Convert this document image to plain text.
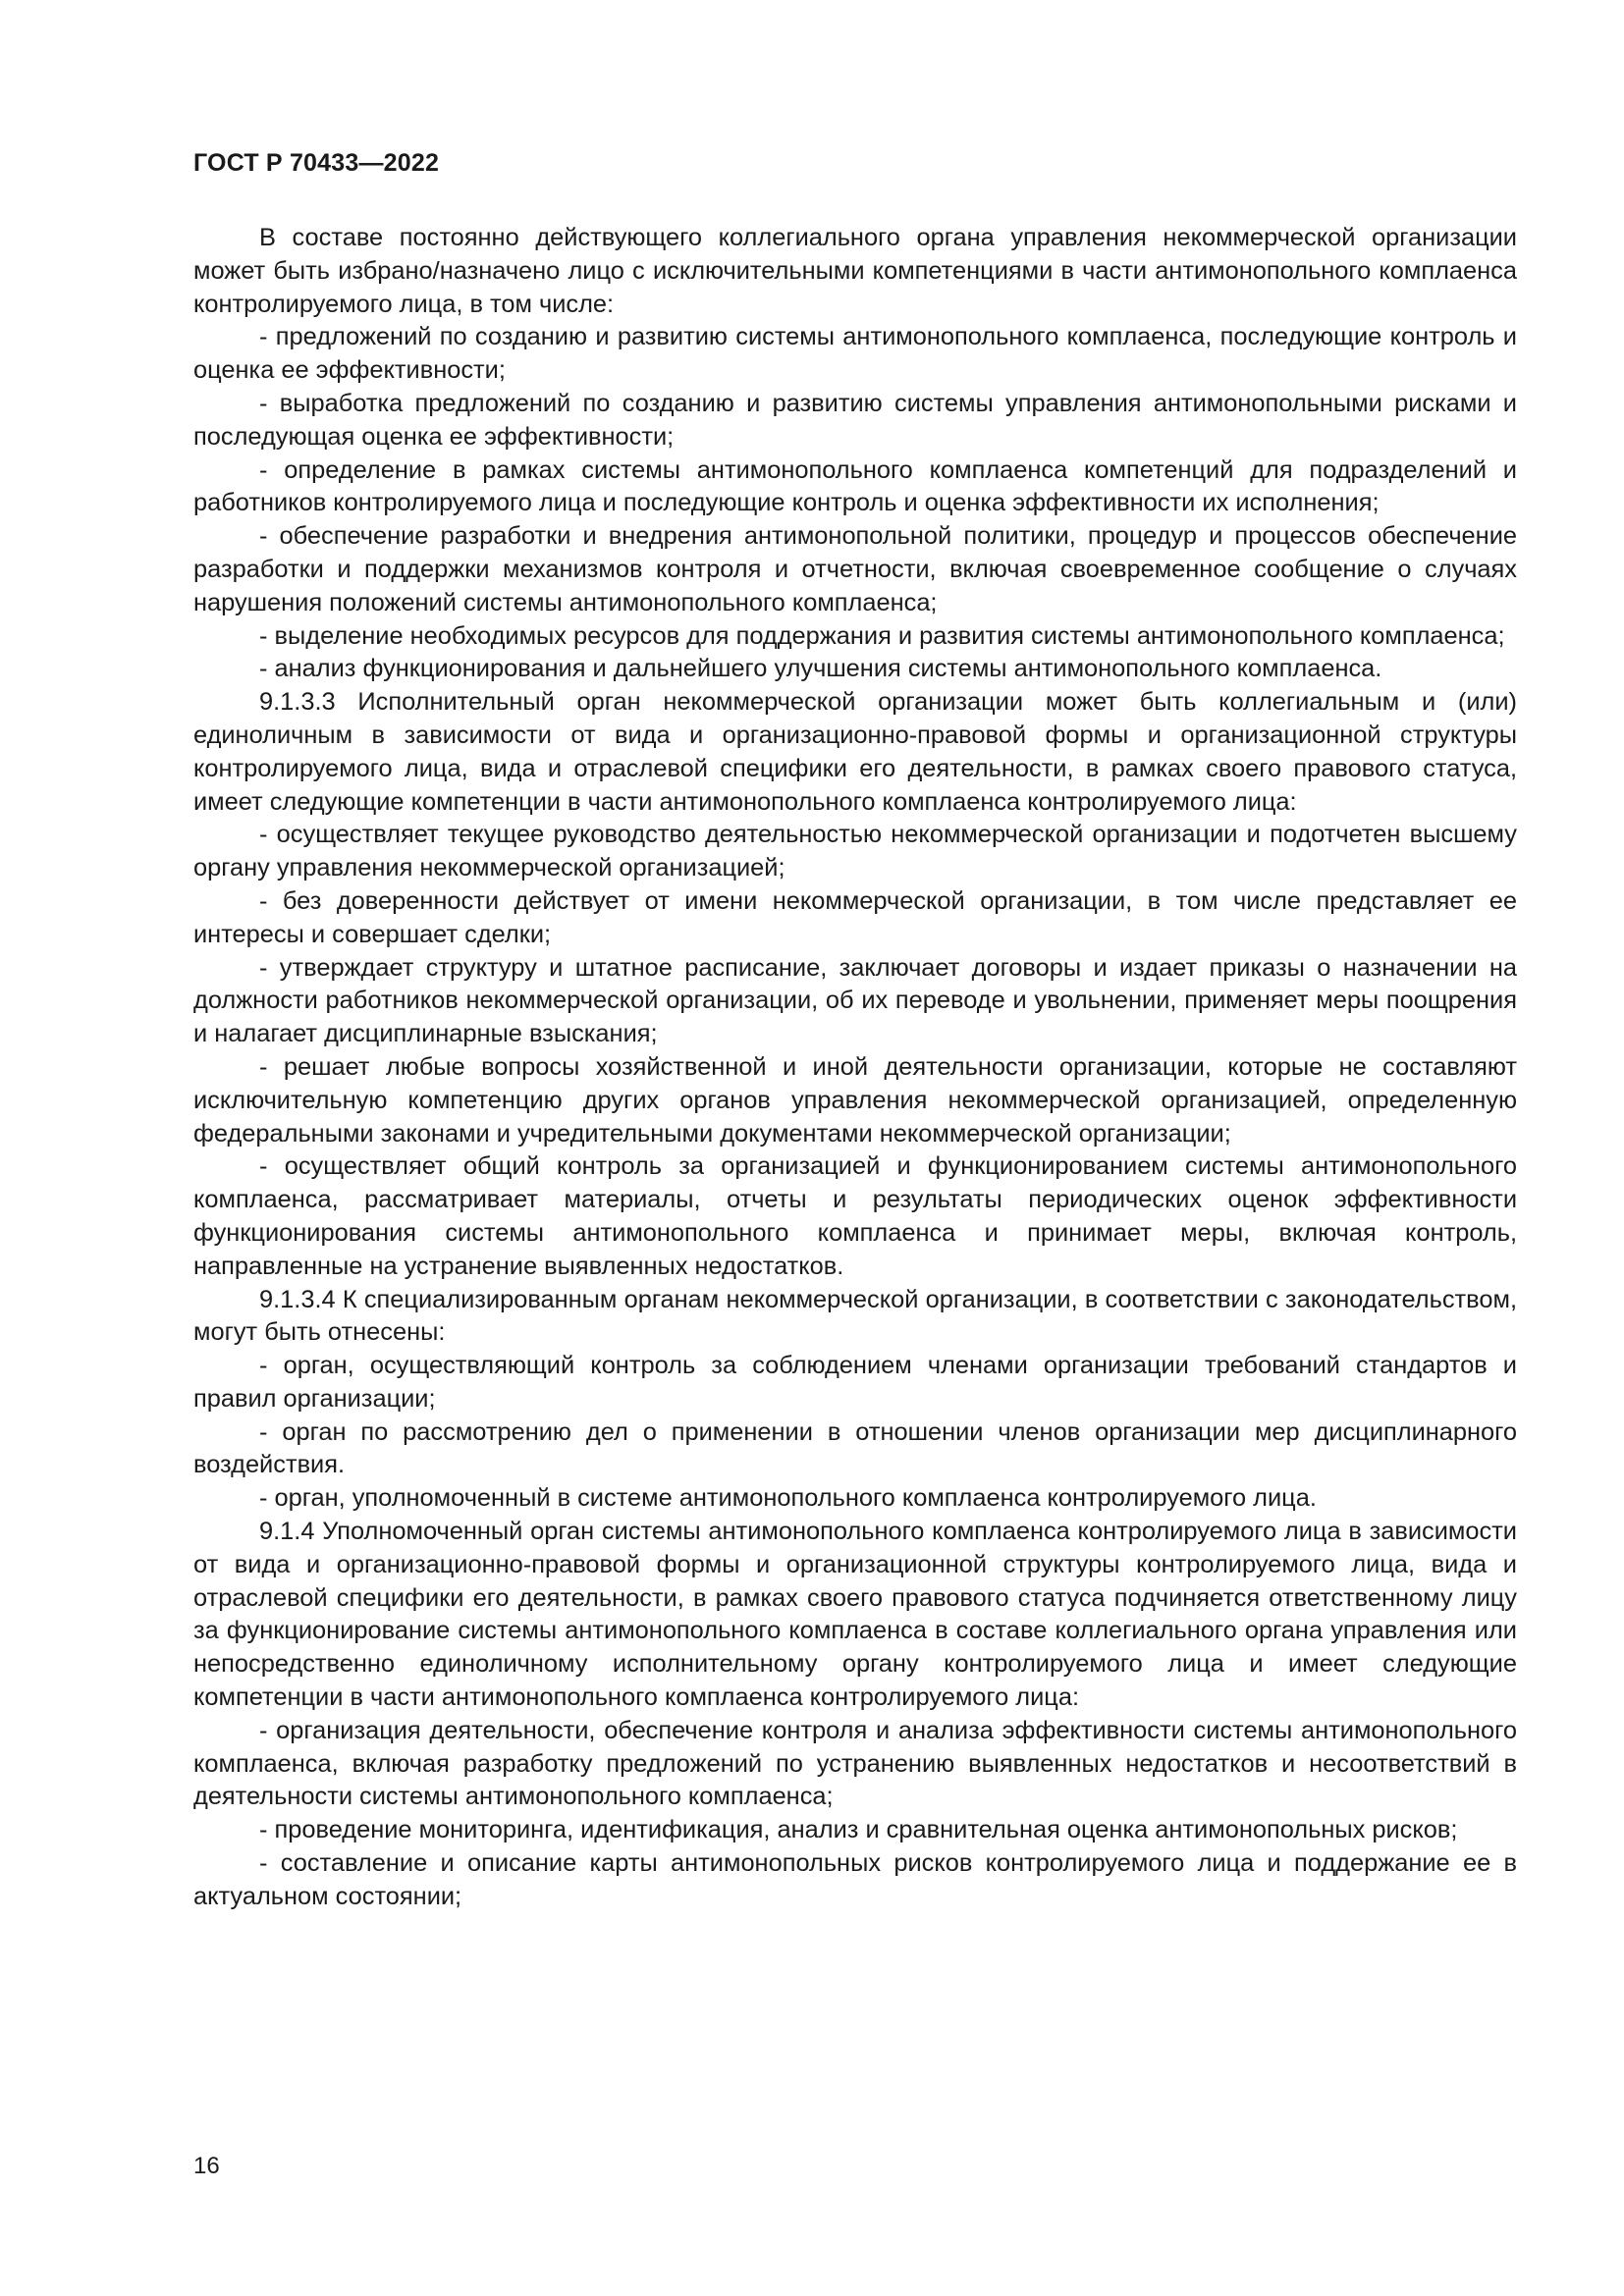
ГОСТ Р 70433—2022

В составе постоянно действующего коллегиального органа управления некоммерческой организации может быть избрано/назначено лицо с исключительными компетенциями в части антимонопольного комплаенса контролируемого лица, в том числе:

- предложений по созданию и развитию системы антимонопольного комплаенса, последующие контроль и оценка ее эффективности;

- выработка предложений по созданию и развитию системы управления антимонопольными рисками и последующая оценка ее эффективности;

- определение в рамках системы антимонопольного комплаенса компетенций для подразделений и работников контролируемого лица и последующие контроль и оценка эффективности их исполнения;

- обеспечение разработки и внедрения антимонопольной политики, процедур и процессов обеспечение разработки и поддержки механизмов контроля и отчетности, включая своевременное сообщение о случаях нарушения положений системы антимонопольного комплаенса;

- выделение необходимых ресурсов для поддержания и развития системы антимонопольного комплаенса;

- анализ функционирования и дальнейшего улучшения системы антимонопольного комплаенса.

9.1.3.3 Исполнительный орган некоммерческой организации может быть коллегиальным и (или) единоличным в зависимости от вида и организационно-правовой формы и организационной структуры контролируемого лица, вида и отраслевой специфики его деятельности, в рамках своего правового статуса, имеет следующие компетенции в части антимонопольного комплаенса контролируемого лица:

- осуществляет текущее руководство деятельностью некоммерческой организации и подотчетен высшему органу управления некоммерческой организацией;

- без доверенности действует от имени некоммерческой организации, в том числе представляет ее интересы и совершает сделки;

- утверждает структуру и штатное расписание, заключает договоры и издает приказы о назначении на должности работников некоммерческой организации, об их переводе и увольнении, применяет меры поощрения и налагает дисциплинарные взыскания;

- решает любые вопросы хозяйственной и иной деятельности организации, которые не составляют исключительную компетенцию других органов управления некоммерческой организацией, определенную федеральными законами и учредительными документами некоммерческой организации;

- осуществляет общий контроль за организацией и функционированием системы антимонопольного комплаенса, рассматривает материалы, отчеты и результаты периодических оценок эффективности функционирования системы антимонопольного комплаенса и принимает меры, включая контроль, направленные на устранение выявленных недостатков.

9.1.3.4 К специализированным органам некоммерческой организации, в соответствии с законодательством, могут быть отнесены:

- орган, осуществляющий контроль за соблюдением членами организации требований стандартов и правил организации;

- орган по рассмотрению дел о применении в отношении членов организации мер дисциплинарного воздействия.

- орган, уполномоченный в системе антимонопольного комплаенса контролируемого лица.

9.1.4 Уполномоченный орган системы антимонопольного комплаенса контролируемого лица в зависимости от вида и организационно-правовой формы и организационной структуры контролируемого лица, вида и отраслевой специфики его деятельности, в рамках своего правового статуса подчиняется ответственному лицу за функционирование системы антимонопольного комплаенса в составе коллегиального органа управления или непосредственно единоличному исполнительному органу контролируемого лица и имеет следующие компетенции в части антимонопольного комплаенса контролируемого лица:

- организация деятельности, обеспечение контроля и анализа эффективности системы антимонопольного комплаенса, включая разработку предложений по устранению выявленных недостатков и несоответствий в деятельности системы антимонопольного комплаенса;

- проведение мониторинга, идентификация, анализ и сравнительная оценка антимонопольных рисков;

- составление и описание карты антимонопольных рисков контролируемого лица и поддержание ее в актуальном состоянии;

16
